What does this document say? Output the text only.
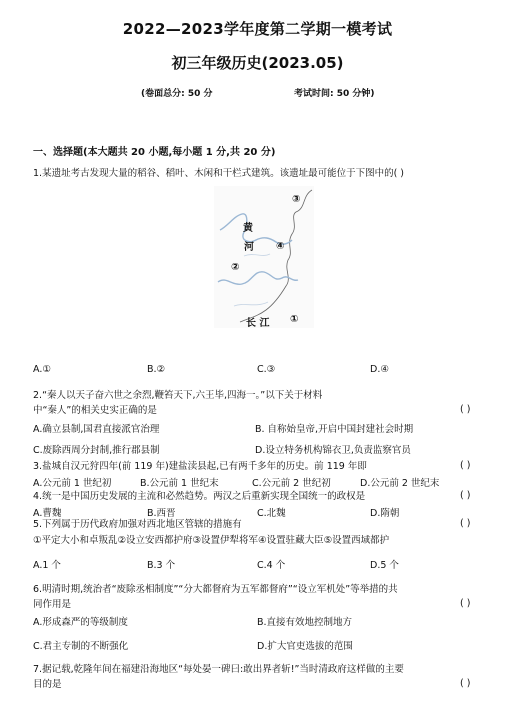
2022—2023学年度第二学期一模考试
初三年级历史(2023.05)
(卷面总分: 50 分	考试时间: 50 分钟)
一、选择题(本大题共 20 小题,每小题 1 分,共 20 分)
1.某遗址考古发现大量的稻谷、稻叶、木闲和干栏式建筑。该遗址最可能位于下图中的( )
黄
河
③
④
②
长 江 ①
A.①	B.②	C.③	D.④
2.“秦人以天子奋六世之余烈,鞭笞天下,六王毕,四海一。”以下关于材料
中“秦人”的相关史实正确的是	( )
A.确立县制,国君直接派官治理	B. 自称始皇帝,开启中国封建社会时期
C.废除西周分封制,推行郡县制	D.设立特务机构锦衣卫,负责监察官员
3.盐城自汉元狩四年(前 119 年)建盐渎县起,已有两千多年的历史。前 119 年即	( )
A.公元前 1 世纪初	B.公元前 1 世纪末	C.公元前 2 世纪初	D.公元前 2 世纪末
4.统一是中国历史发展的主流和必然趋势。两汉之后重新实现全国统一的政权是	( )
A.曹魏	B.西晋	C.北魏	D.隋朝
5.下列属于历代政府加强对西北地区管辖的措施有	( )
①平定大小和卓叛乱②设立安西都护府③设置伊犁将军④设置驻藏大臣⑤设置西域都护
A.1 个	B.3 个	C.4 个	D.5 个
6.明清时期,统治者“废除丞相制度”“分大都督府为五军都督府”“设立军机处”等举措的共
同作用是	( )
A.形成森严的等级制度	B.直接有效地控制地方
C.君主专制的不断强化	D.扩大官吏选拔的范围
7.据记载,乾隆年间在福建沿海地区“每处晏一碑曰:敢出界者斩!”当时清政府这样做的主要
目的是	( )
